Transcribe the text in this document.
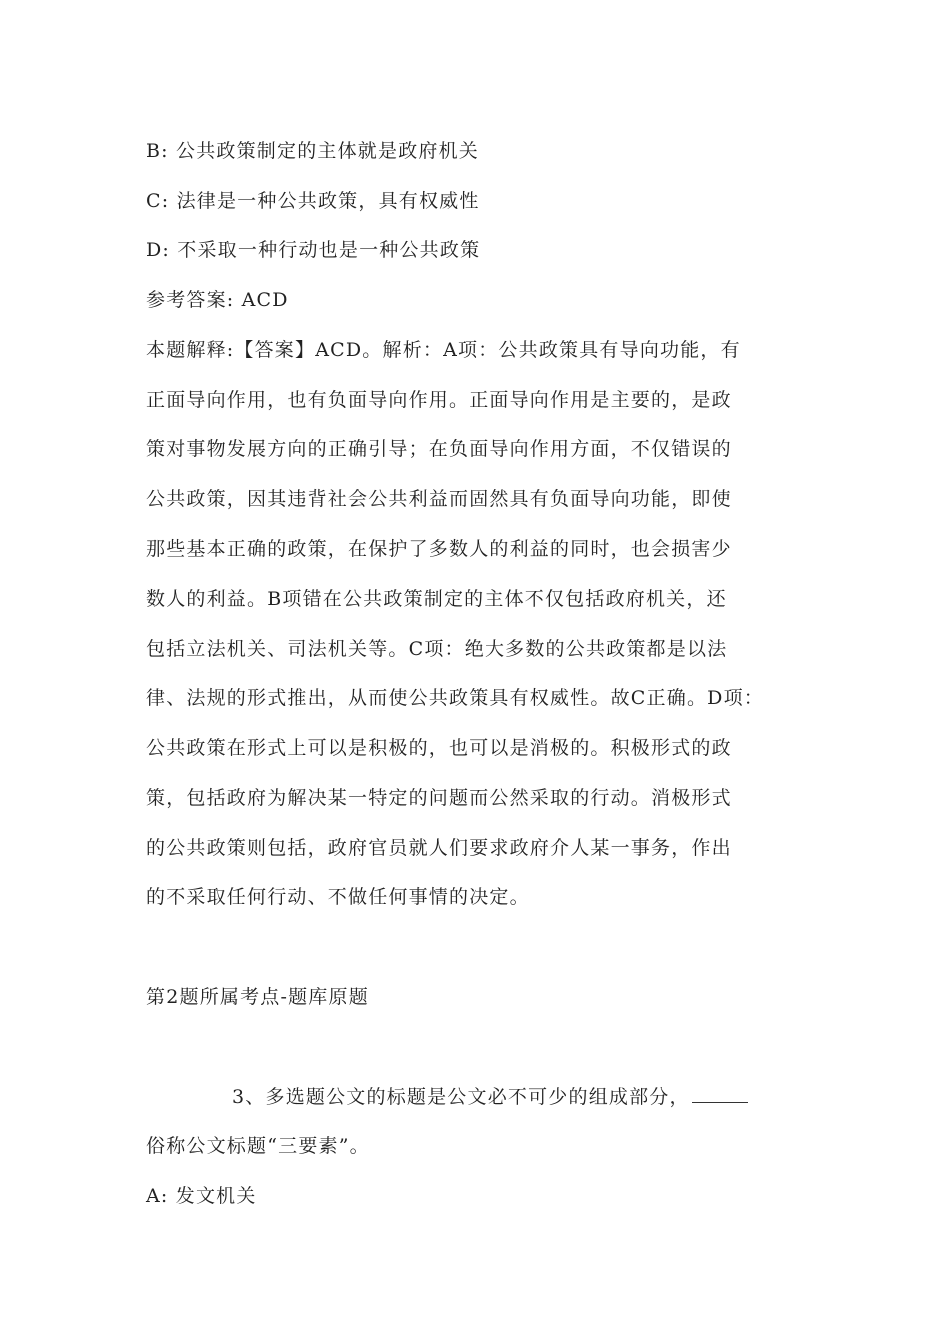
B: 公共政策制定的主体就是政府机关
C: 法律是一种公共政策，具有权威性
D: 不采取一种行动也是一种公共政策
参考答案: ACD
本题解释:【答案】ACD。解析：A项：公共政策具有导向功能，有
正面导向作用，也有负面导向作用。正面导向作用是主要的，是政
策对事物发展方向的正确引导；在负面导向作用方面，不仅错误的
公共政策，因其违背社会公共利益而固然具有负面导向功能，即使
那些基本正确的政策，在保护了多数人的利益的同时，也会损害少
数人的利益。B项错在公共政策制定的主体不仅包括政府机关，还
包括立法机关、司法机关等。C项：绝大多数的公共政策都是以法
律、法规的形式推出，从而使公共政策具有权威性。故C正确。D项：
公共政策在形式上可以是积极的，也可以是消极的。积极形式的政
策，包括政府为解决某一特定的问题而公然采取的行动。消极形式
的公共政策则包括，政府官员就人们要求政府介人某一事务，作出
的不采取任何行动、不做任何事情的决定。
第2题所属考点-题库原题
3、多选题公文的标题是公文必不可少的组成部分，
俗称公文标题“三要素”。
A: 发文机关
